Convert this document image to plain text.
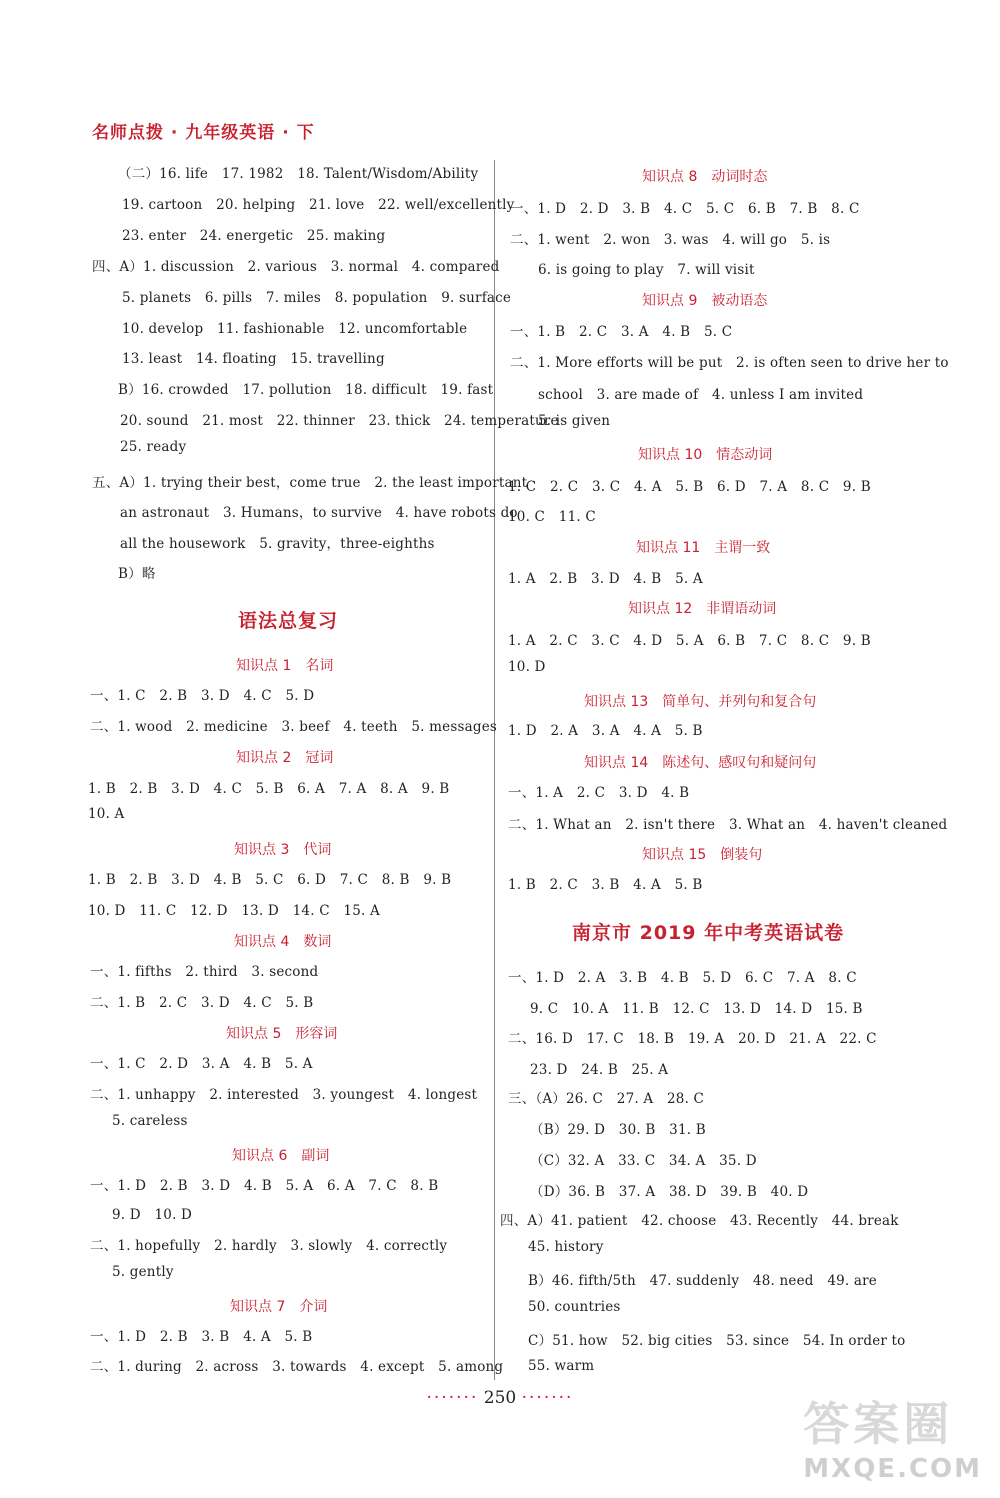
名师点拨 · 九年级英语 · 下
（二）16. life　17. 1982　18. Talent/Wisdom/Ability
19. cartoon　20. helping　21. love　22. well/excellently
23. enter　24. energetic　25. making
四、A）1. discussion　2. various　3. normal　4. compared
5. planets　6. pills　7. miles　8. population　9. surface
10. develop　11. fashionable　12. uncomfortable
13. least　14. floating　15. travelling
B）16. crowded　17. pollution　18. difficult　19. fast
20. sound　21. most　22. thinner　23. thick　24. temperature
25. ready
五、A）1. trying their best，come true　2. the least important
an astronaut　3. Humans，to survive　4. have robots do
all the housework　5. gravity，three-eighths
B）略
语法总复习
知识点 1　名词
一、1. C　2. B　3. D　4. C　5. D
二、1. wood　2. medicine　3. beef　4. teeth　5. messages
知识点 2　冠词
1. B　2. B　3. D　4. C　5. B　6. A　7. A　8. A　9. B
10. A
知识点 3　代词
1. B　2. B　3. D　4. B　5. C　6. D　7. C　8. B　9. B
10. D　11. C　12. D　13. D　14. C　15. A
知识点 4　数词
一、1. fifths　2. third　3. second
二、1. B　2. C　3. D　4. C　5. B
知识点 5　形容词
一、1. C　2. D　3. A　4. B　5. A
二、1. unhappy　2. interested　3. youngest　4. longest
5. careless
知识点 6　副词
一、1. D　2. B　3. D　4. B　5. A　6. A　7. C　8. B
9. D　10. D
二、1. hopefully　2. hardly　3. slowly　4. correctly
5. gently
知识点 7　介词
一、1. D　2. B　3. B　4. A　5. B
二、1. during　2. across　3. towards　4. except　5. among
知识点 8　动词时态
一、1. D　2. D　3. B　4. C　5. C　6. B　7. B　8. C
二、1. went　2. won　3. was　4. will go　5. is
6. is going to play　7. will visit
知识点 9　被动语态
一、1. B　2. C　3. A　4. B　5. C
二、1. More efforts will be put　2. is often seen to drive her to
school　3. are made of　4. unless I am invited
5. is given
知识点 10　情态动词
1. C　2. C　3. C　4. A　5. B　6. D　7. A　8. C　9. B
10. C　11. C
知识点 11　主谓一致
1. A　2. B　3. D　4. B　5. A
知识点 12　非谓语动词
1. A　2. C　3. C　4. D　5. A　6. B　7. C　8. C　9. B
10. D
知识点 13　简单句、并列句和复合句
1. D　2. A　3. A　4. A　5. B
知识点 14　陈述句、感叹句和疑问句
一、1. A　2. C　3. D　4. B
二、1. What an　2. isn't there　3. What an　4. haven't cleaned
知识点 15　倒装句
1. B　2. C　3. B　4. A　5. B
南京市 2019 年中考英语试卷
一、1. D　2. A　3. B　4. B　5. D　6. C　7. A　8. C
9. C　10. A　11. B　12. C　13. D　14. D　15. B
二、16. D　17. C　18. B　19. A　20. D　21. A　22. C
23. D　24. B　25. A
三、（A）26. C　27. A　28. C
（B）29. D　30. B　31. B
（C）32. A　33. C　34. A　35. D
（D）36. B　37. A　38. D　39. B　40. D
四、A）41. patient　42. choose　43. Recently　44. break
45. history
B）46. fifth/5th　47. suddenly　48. need　49. are
50. countries
C）51. how　52. big cities　53. since　54. In order to
55. warm
······· 250 ·······	答案圈
MXQE.COM
